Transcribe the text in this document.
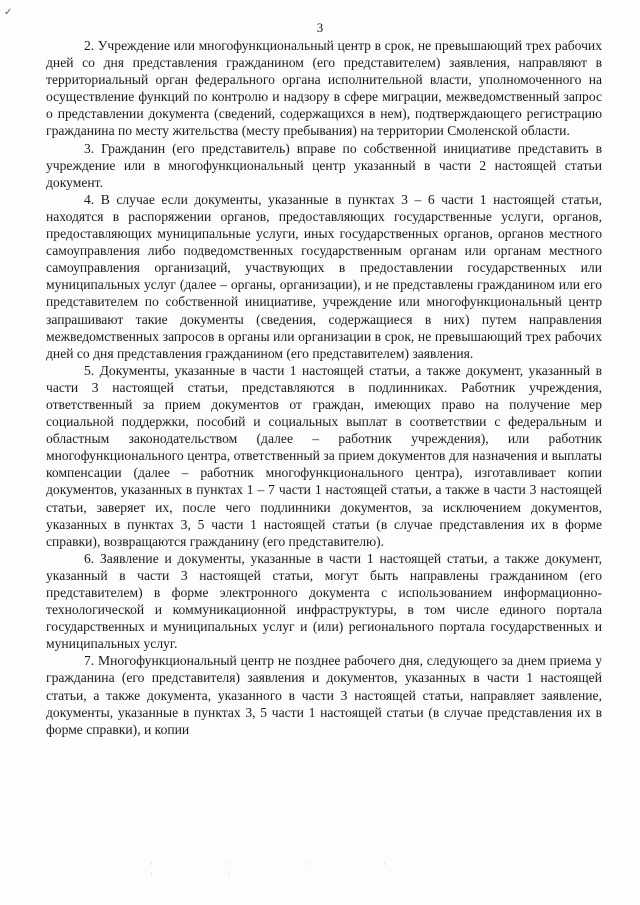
✓
3

2. Учреждение или многофункциональный центр в срок, не превышающий трех рабочих дней со дня представления гражданином (его представителем) заявления, направляют в территориальный орган федерального органа исполнительной власти, уполномоченного на осуществление функций по контролю и надзору в сфере миграции, межведомственный запрос о представлении документа (сведений, содержащихся в нем), подтверждающего регистрацию гражданина по месту жительства (месту пребывания) на территории Смоленской области.

3. Гражданин (его представитель) вправе по собственной инициативе представить в учреждение или в многофункциональный центр указанный в части 2 настоящей статьи документ.

4. В случае если документы, указанные в пунктах 3 – 6 части 1 настоящей статьи, находятся в распоряжении органов, предоставляющих государственные услуги, органов, предоставляющих муниципальные услуги, иных государственных органов, органов местного самоуправления либо подведомственных государственным органам или органам местного самоуправления организаций, участвующих в предоставлении государственных или муниципальных услуг (далее – органы, организации), и не представлены гражданином или его представителем по собственной инициативе, учреждение или многофункциональный центр запрашивают такие документы (сведения, содержащиеся в них) путем направления межведомственных запросов в органы или организации в срок, не превышающий трех рабочих дней со дня представления гражданином (его представителем) заявления.

5. Документы, указанные в части 1 настоящей статьи, а также документ, указанный в части 3 настоящей статьи, представляются в подлинниках. Работник учреждения, ответственный за прием документов от граждан, имеющих право на получение мер социальной поддержки, пособий и социальных выплат в соответствии с федеральным и областным законодательством (далее – работник учреждения), или работник многофункционального центра, ответственный за прием документов для назначения и выплаты компенсации (далее – работник многофункционального центра), изготавливает копии документов, указанных в пунктах 1 – 7 части 1 настоящей статьи, а также в части 3 настоящей статьи, заверяет их, после чего подлинники документов, за исключением документов, указанных в пунктах 3, 5 части 1 настоящей статьи (в случае представления их в форме справки), возвращаются гражданину (его представителю).

6. Заявление и документы, указанные в части 1 настоящей статьи, а также документ, указанный в части 3 настоящей статьи, могут быть направлены гражданином (его представителем) в форме электронного документа с использованием информационно-технологической и коммуникационной инфраструктуры, в том числе единого портала государственных и муниципальных услуг и (или) регионального портала государственных и муниципальных услуг.

7. Многофункциональный центр не позднее рабочего дня, следующего за днем приема у гражданина (его представителя) заявления и документов, указанных в части 1 настоящей статьи, а также документа, указанного в части 3 настоящей статьи, направляет заявление, документы, указанные в пунктах 3, 5 части 1 настоящей статьи (в случае представления их в форме справки), и копии

· · · · · ·
